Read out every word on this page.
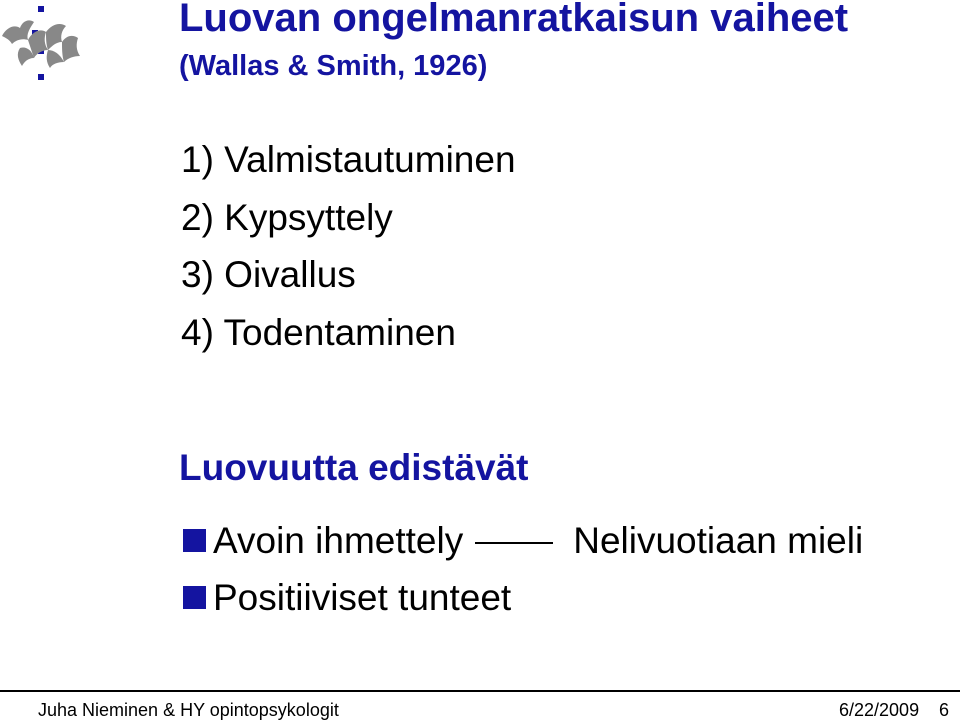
Luovan ongelmanratkaisun vaiheet
(Wallas & Smith, 1926)
1) Valmistautuminen
2) Kypsyttely
3) Oivallus
4) Todentaminen
Luovuutta edistävät
Avoin ihmettely	Nelivuotiaan mieli
Positiiviset tunteet
Juha Nieminen & HY opintopsykologit	6/22/2009 6
